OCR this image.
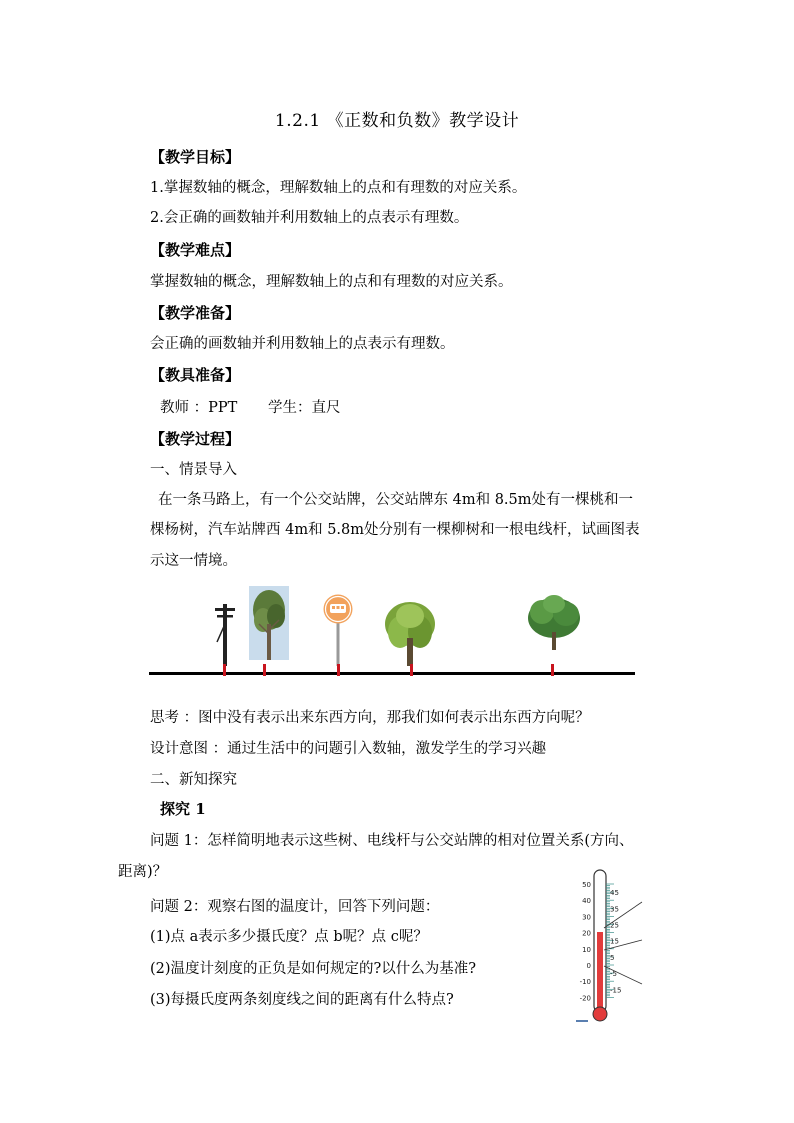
1.2.1 《正数和负数》教学设计
【教学目标】
1.掌握数轴的概念，理解数轴上的点和有理数的对应关系。
2.会正确的画数轴并利用数轴上的点表示有理数。
【教学难点】
掌握数轴的概念，理解数轴上的点和有理数的对应关系。
【教学准备】
会正确的画数轴并利用数轴上的点表示有理数。
【教具准备】
教师 ：PPT 学生：直尺
【教学过程】
一、情景导入
在一条马路上，有一个公交站牌，公交站牌东 4m和 8.5m处有一棵桃和一
棵杨树，汽车站牌西 4m和 5.8m处分别有一棵柳树和一根电线杆，试画图表
示这一情境。
思考 ：图中没有表示出来东西方向，那我们如何表示出东西方向呢？
设计意图 ：通过生活中的问题引入数轴，激发学生的学习兴趣
二、新知探究
探究 1
问题 1：怎样简明地表示这些树、电线杆与公交站牌的相对位置关系(方向、
距离)？
问题 2：观察右图的温度计，回答下列问题：
(1)点 a表示多少摄氏度？点 b呢？点 c呢？
(2)温度计刻度的正负是如何规定的?以什么为基准?
(3)每摄氏度两条刻度线之间的距离有什么特点?
50
40
30
20
10
0
-10
-20
45
35
25
15
5
-5
-15
